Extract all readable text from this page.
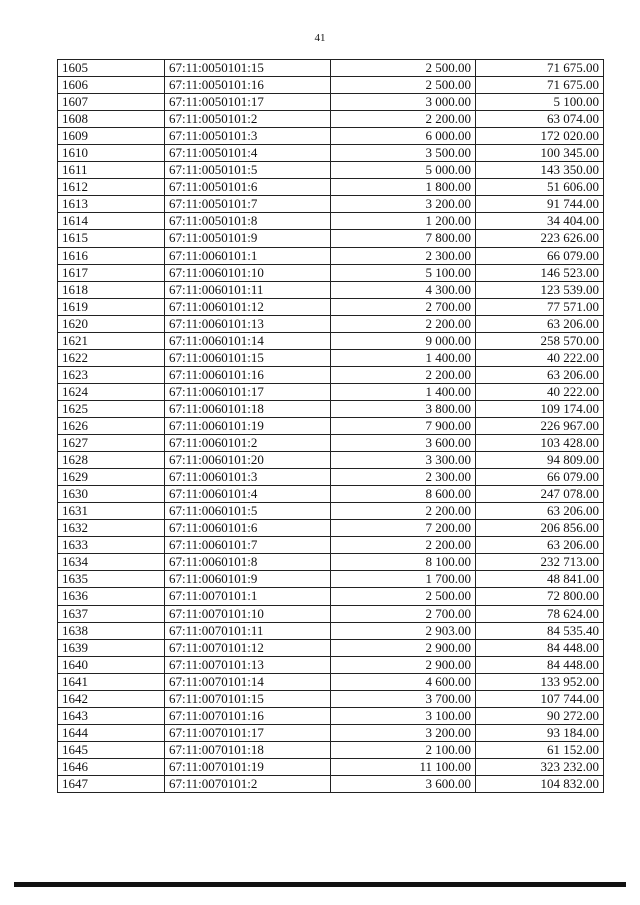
41
1605	67:11:0050101:15	2 500.00	71 675.00
1606	67:11:0050101:16	2 500.00	71 675.00
1607	67:11:0050101:17	3 000.00	5 100.00
1608	67:11:0050101:2	2 200.00	63 074.00
1609	67:11:0050101:3	6 000.00	172 020.00
1610	67:11:0050101:4	3 500.00	100 345.00
1611	67:11:0050101:5	5 000.00	143 350.00
1612	67:11:0050101:6	1 800.00	51 606.00
1613	67:11:0050101:7	3 200.00	91 744.00
1614	67:11:0050101:8	1 200.00	34 404.00
1615	67:11:0050101:9	7 800.00	223 626.00
1616	67:11:0060101:1	2 300.00	66 079.00
1617	67:11:0060101:10	5 100.00	146 523.00
1618	67:11:0060101:11	4 300.00	123 539.00
1619	67:11:0060101:12	2 700.00	77 571.00
1620	67:11:0060101:13	2 200.00	63 206.00
1621	67:11:0060101:14	9 000.00	258 570.00
1622	67:11:0060101:15	1 400.00	40 222.00
1623	67:11:0060101:16	2 200.00	63 206.00
1624	67:11:0060101:17	1 400.00	40 222.00
1625	67:11:0060101:18	3 800.00	109 174.00
1626	67:11:0060101:19	7 900.00	226 967.00
1627	67:11:0060101:2	3 600.00	103 428.00
1628	67:11:0060101:20	3 300.00	94 809.00
1629	67:11:0060101:3	2 300.00	66 079.00
1630	67:11:0060101:4	8 600.00	247 078.00
1631	67:11:0060101:5	2 200.00	63 206.00
1632	67:11:0060101:6	7 200.00	206 856.00
1633	67:11:0060101:7	2 200.00	63 206.00
1634	67:11:0060101:8	8 100.00	232 713.00
1635	67:11:0060101:9	1 700.00	48 841.00
1636	67:11:0070101:1	2 500.00	72 800.00
1637	67:11:0070101:10	2 700.00	78 624.00
1638	67:11:0070101:11	2 903.00	84 535.40
1639	67:11:0070101:12	2 900.00	84 448.00
1640	67:11:0070101:13	2 900.00	84 448.00
1641	67:11:0070101:14	4 600.00	133 952.00
1642	67:11:0070101:15	3 700.00	107 744.00
1643	67:11:0070101:16	3 100.00	90 272.00
1644	67:11:0070101:17	3 200.00	93 184.00
1645	67:11:0070101:18	2 100.00	61 152.00
1646	67:11:0070101:19	11 100.00	323 232.00
1647	67:11:0070101:2	3 600.00	104 832.00
